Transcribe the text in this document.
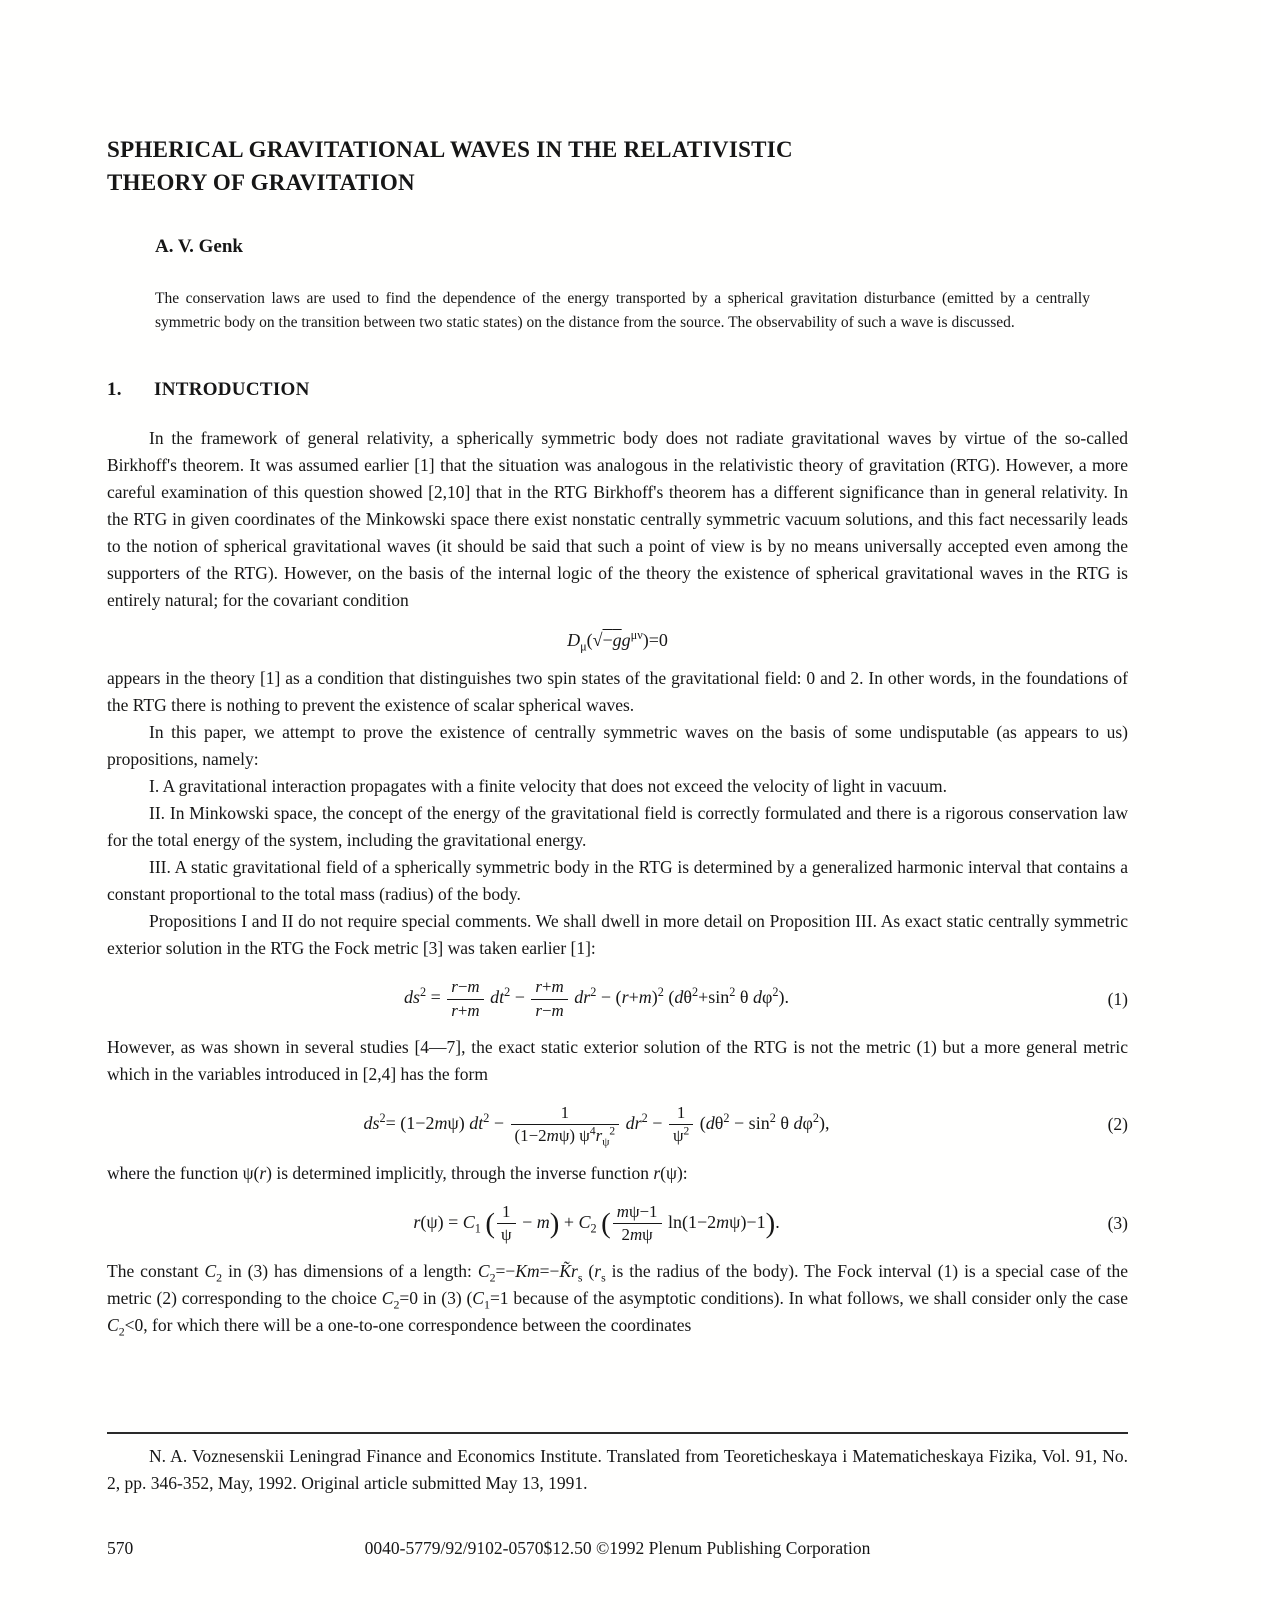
SPHERICAL GRAVITATIONAL WAVES IN THE RELATIVISTIC
THEORY OF GRAVITATION
A. V. Genk

The conservation laws are used to find the dependence of the energy transported by a spherical gravitation disturbance (emitted by a centrally symmetric body on the transition between two static states) on the distance from the source. The observability of such a wave is discussed.

1. INTRODUCTION

In the framework of general relativity, a spherically symmetric body does not radiate gravitational waves by virtue of the so-called Birkhoff's theorem. It was assumed earlier [1] that the situation was analogous in the relativistic theory of gravitation (RTG). However, a more careful examination of this question showed [2,10] that in the RTG Birkhoff's theorem has a different significance than in general relativity. In the RTG in given coordinates of the Minkowski space there exist nonstatic centrally symmetric vacuum solutions, and this fact necessarily leads to the notion of spherical gravitational waves (it should be said that such a point of view is by no means universally accepted even among the supporters of the RTG). However, on the basis of the internal logic of the theory the existence of spherical gravitational waves in the RTG is entirely natural; for the covariant condition

$D_\mu(√-gg^{\mu\nu})=0$

appears in the theory [1] as a condition that distinguishes two spin states of the gravitational field: 0 and 2. In other words, in the foundations of the RTG there is nothing to prevent the existence of scalar spherical waves.

In this paper, we attempt to prove the existence of centrally symmetric waves on the basis of some undisputable (as appears to us) propositions, namely:

I. A gravitational interaction propagates with a finite velocity that does not exceed the velocity of light in vacuum.

II. In Minkowski space, the concept of the energy of the gravitational field is correctly formulated and there is a rigorous conservation law for the total energy of the system, including the gravitational energy.

III. A static gravitational field of a spherically symmetric body in the RTG is determined by a generalized harmonic interval that contains a constant proportional to the total mass (radius) of the body.

Propositions I and II do not require special comments. We shall dwell in more detail on Proposition III. As exact static centrally symmetric exterior solution in the RTG the Fock metric [3] was taken earlier [1]:

$ds^2 = \frac{r-m}{r+m} dt^2 - \frac{r+m}{r-m} dr^2 - (r+m)^2$ ($d\theta^2+\sin^2$ θ $d\varphi^2$).	(1)

However, as was shown in several studies [4—7], the exact static exterior solution of the RTG is not the metric (1) but a more general metric which in the variables introduced in [2,4] has the form

$ds^2= (1-2m\psi) dt^2 - \frac{1}{(1-2m\psi) \psi^4r_\psi^2} dr^2 - \frac{1}{\psi^2} (d\theta^2 - \sin^2 \theta$ $d\varphi^2$),	(2)

where the function ψ(r) is determined implicitly, through the inverse function r(ψ):

$r(\psi) = C_1$ ( $\frac{1}{\psi} - m) + C_2$ ( $\frac{m\psi-1}{2m\psi} \ln(1-2m\psi)-1$).	(3)

The constant $C_2$ in (3) has dimensions of a length: $C_2=-Km=-K̃r_s$ ($r_s$ is the radius of the body). The Fock interval (1) is a special case of the metric (2) corresponding to the choice $C_2=0$ in (3) ($C_1=1$ because of the asymptotic conditions). In what follows, we shall consider only the case $C_2<0$, for which there will be a one-to-one correspondence between the coordinates

N. A. Voznesenskii Leningrad Finance and Economics Institute. Translated from Teoreticheskaya i Matematicheskaya Fizika, Vol. 91, No. 2, pp. 346-352, May, 1992. Original article submitted May 13, 1991.

570	0040-5779/92/9102-0570$12.50 ©1992 Plenum Publishing Corporation
